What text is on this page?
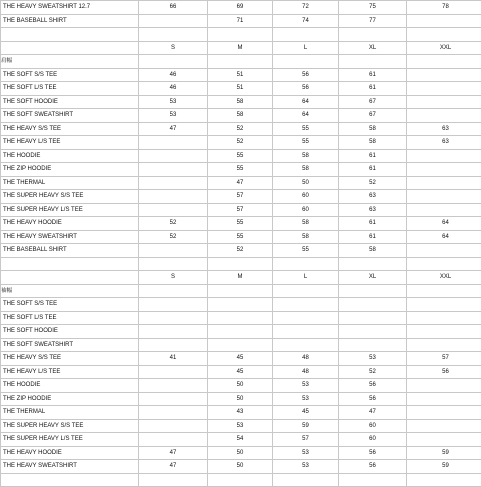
THE HEAVY SWEATSHIRT 12.7	66	69	72	75	78
THE BASEBALL SHIRT		71	74	77	

	S	M	L	XL	XXL
肩幅					
THE SOFT S/S TEE	46	51	56	61	
THE SOFT L/S TEE	46	51	56	61	
THE SOFT HOODIE	53	58	64	67	
THE SOFT SWEATSHIRT	53	58	64	67	
THE HEAVY S/S TEE	47	52	55	58	63
THE HEAVY L/S TEE		52	55	58	63
THE HOODIE		55	58	61	
THE ZIP HOODIE		55	58	61	
THE THERMAL		47	50	52	
THE SUPER HEAVY S/S TEE		57	60	63	
THE SUPER HEAVY L/S TEE		57	60	63	
THE HEAVY HOODIE	52	55	58	61	64
THE HEAVY SWEATSHIRT	52	55	58	61	64
THE BASEBALL SHIRT		52	55	58	

	S	M	L	XL	XXL
袖幅					
THE SOFT S/S TEE					
THE SOFT L/S TEE					
THE SOFT HOODIE					
THE SOFT SWEATSHIRT					
THE HEAVY S/S TEE	41	45	48	53	57
THE HEAVY L/S TEE		45	48	52	56
THE HOODIE		50	53	56	
THE ZIP HOODIE		50	53	56	
THE THERMAL		43	45	47	
THE SUPER HEAVY S/S TEE		53	59	60	
THE SUPER HEAVY L/S TEE		54	57	60	
THE HEAVY HOODIE	47	50	53	56	59
THE HEAVY SWEATSHIRT	47	50	53	56	59
